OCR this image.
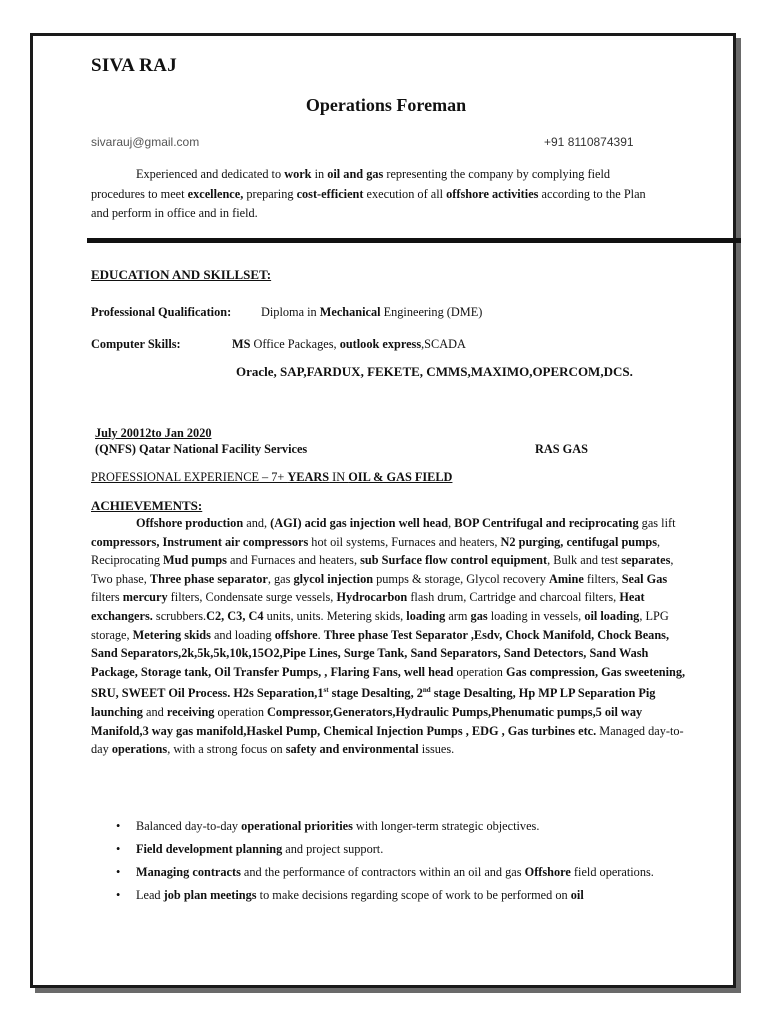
SIVA RAJ
Operations Foreman
sivarauj@gmail.com	+91 8110874391
Experienced and dedicated to work in oil and gas representing the company by complying field procedures to meet excellence, preparing cost-efficient execution of all offshore activities according to the Plan and perform in office and in field.
EDUCATION AND SKILLSET:
Professional Qualification: Diploma in Mechanical Engineering (DME)
Computer Skills:	MS Office Packages, outlook express,SCADA
Oracle, SAP,FARDUX, FEKETE, CMMS,MAXIMO,OPERCOM,DCS.
July 20012to Jan 2020
(QNFS) Qatar National Facility Services	RAS GAS
PROFESSIONAL EXPERIENCE – 7+ YEARS IN OIL & GAS FIELD
ACHIEVEMENTS:
Offshore production and, (AGI) acid gas injection well head, BOP Centrifugal and reciprocating gas lift compressors, Instrument air compressors hot oil systems, Furnaces and heaters, N2 purging, centifugal pumps, Reciprocating Mud pumps and Furnaces and heaters, sub Surface flow control equipment, Bulk and test separates, Two phase, Three phase separator, gas glycol injection pumps & storage, Glycol recovery Amine filters, Seal Gas filters mercury filters, Condensate surge vessels, Hydrocarbon flash drum, Cartridge and charcoal filters, Heat exchangers. scrubbers.C2, C3, C4 units, units. Metering skids, loading arm gas loading in vessels, oil loading, LPG storage, Metering skids and loading offshore. Three phase Test Separator ,Esdv, Chock Manifold, Chock Beans, Sand Separators,2k,5k,5k,10k,15O2,Pipe Lines, Surge Tank, Sand Separators, Sand Detectors, Sand Wash Package, Storage tank, Oil Transfer Pumps, , Flaring Fans, well head operation Gas compression, Gas sweetening, SRU, SWEET Oil Process. H2s Separation,1st stage Desalting, 2nd stage Desalting, Hp MP LP Separation Pig launching and receiving operation Compressor,Generators,Hydraulic Pumps,Phenumatic pumps,5 oil way Manifold,3 way gas manifold,Haskel Pump, Chemical Injection Pumps , EDG , Gas turbines etc. Managed day-to-day operations, with a strong focus on safety and environmental issues.
• Balanced day-to-day operational priorities with longer-term strategic objectives.
• Field development planning and project support.
• Managing contracts and the performance of contractors within an oil and gas Offshore field operations.
• Lead job plan meetings to make decisions regarding scope of work to be performed on oil
